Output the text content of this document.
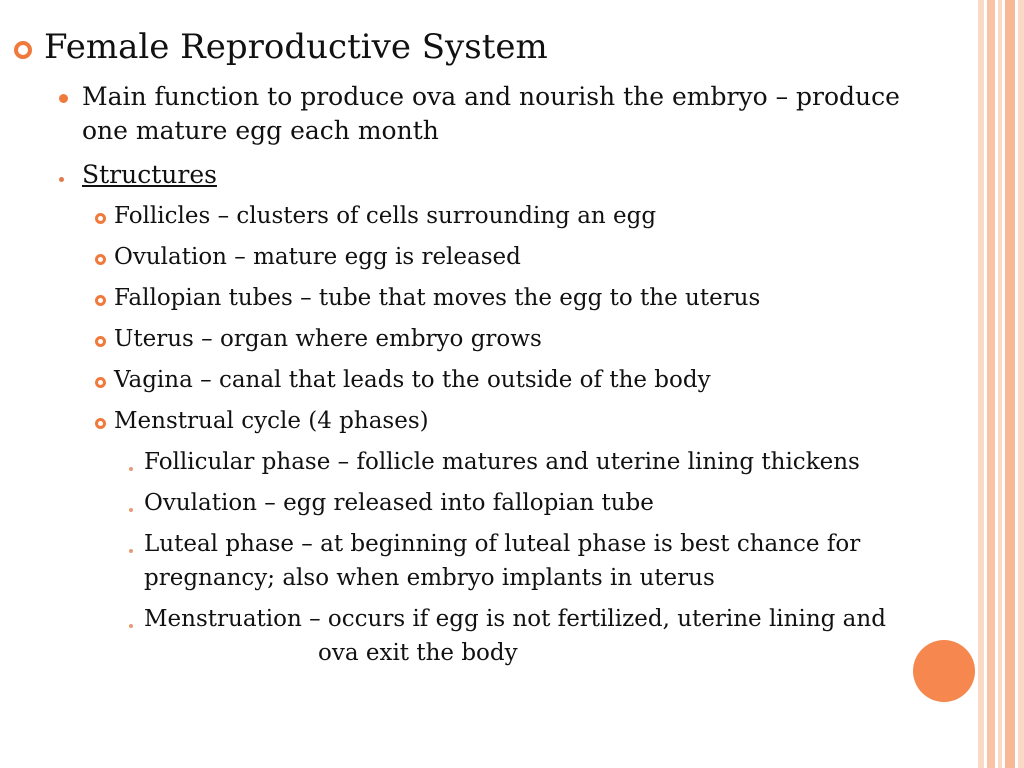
Female Reproductive System
Main function to produce ova and nourish the embryo – produce
one mature egg each month
Structures
Follicles – clusters of cells surrounding an egg
Ovulation – mature egg is released
Fallopian tubes – tube that moves the egg to the uterus
Uterus – organ where embryo grows
Vagina – canal that leads to the outside of the body
Menstrual cycle (4 phases)
Follicular phase – follicle matures and uterine lining thickens
Ovulation – egg released into fallopian tube
Luteal phase – at beginning of luteal phase is best chance for
pregnancy; also when embryo implants in uterus
Menstruation – occurs if egg is not fertilized, uterine lining and
ova exit the body
